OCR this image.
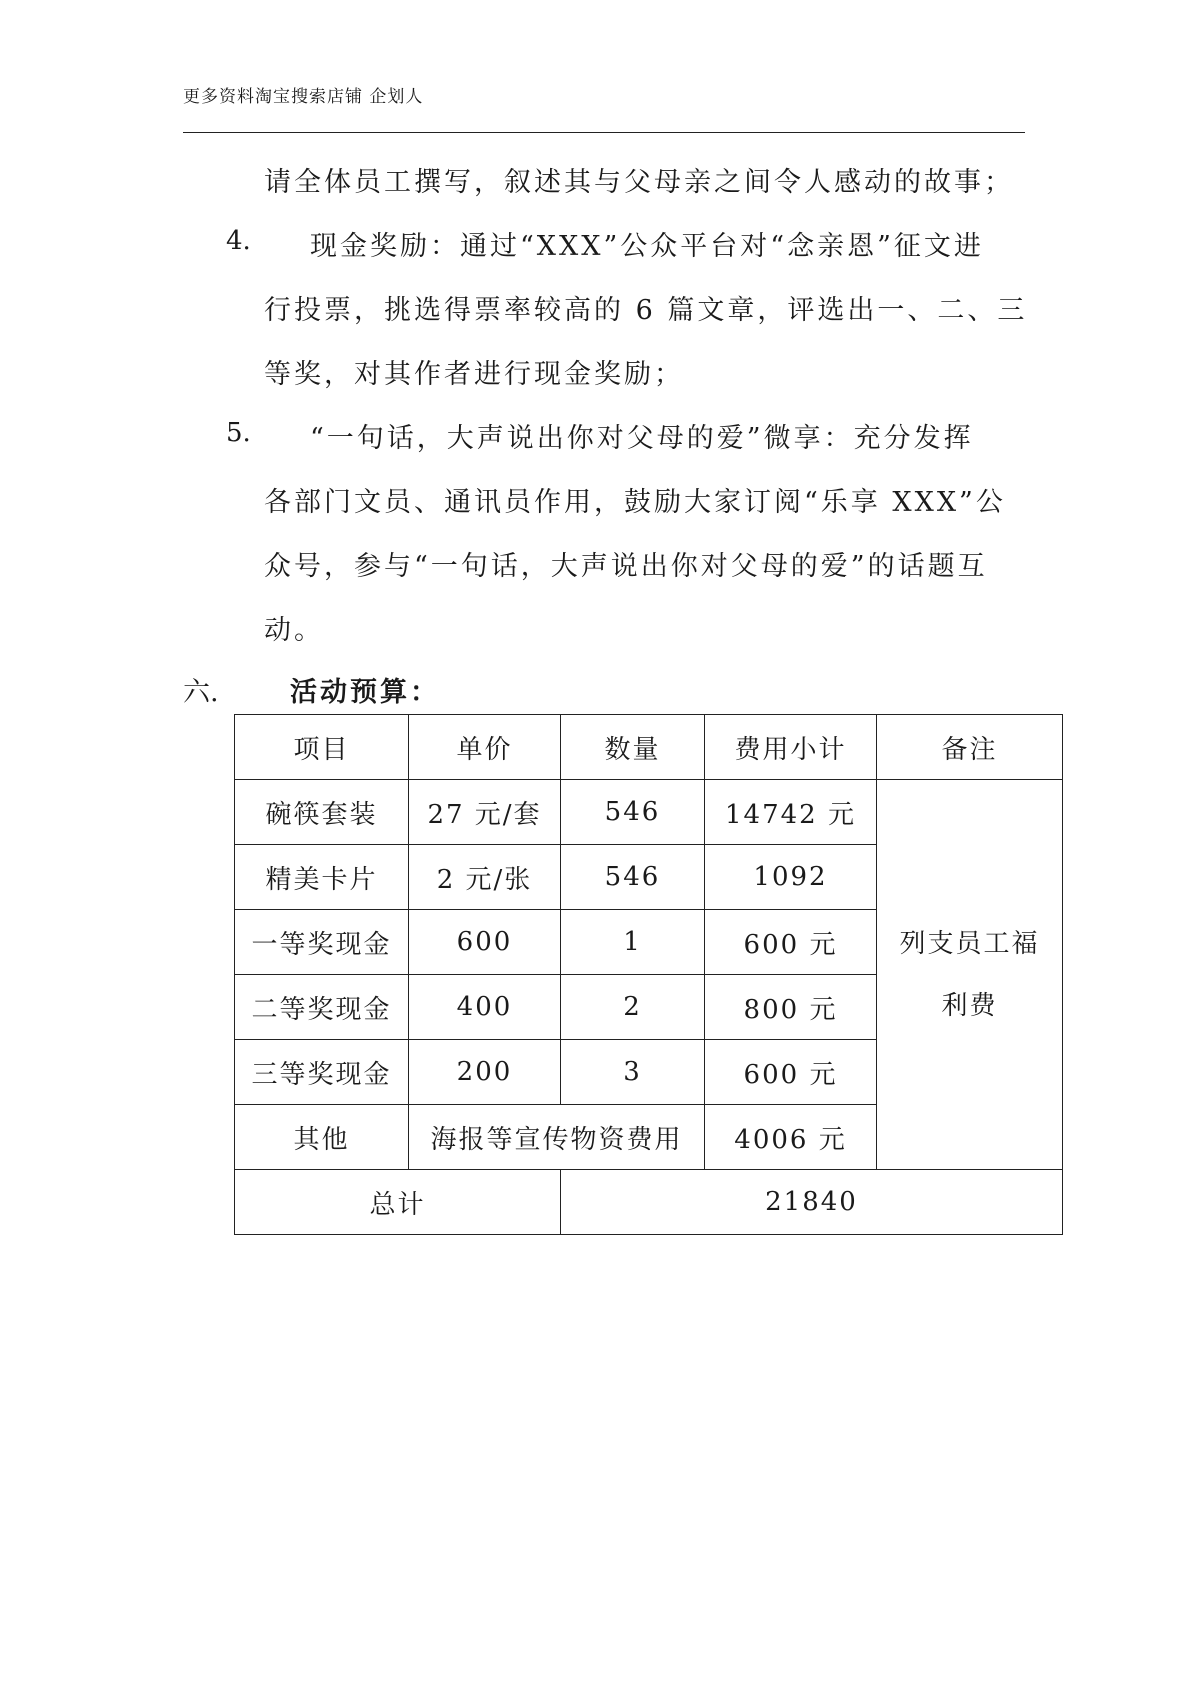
更多资料淘宝搜索店铺 企划人
请全体员工撰写，叙述其与父母亲之间令人感动的故事；
4. 现金奖励：通过“XXX”公众平台对“念亲恩”征文进
行投票，挑选得票率较高的 6 篇文章，评选出一、二、三
等奖，对其作者进行现金奖励；
5. “一句话，大声说出你对父母的爱”微享：充分发挥
各部门文员、通讯员作用，鼓励大家订阅“乐享 XXX”公
众号，参与“一句话，大声说出你对父母的爱”的话题互
动。
六.	活动预算：
项目	单价	数量	费用小计	备注
碗筷套装	27 元/套	546	14742 元	列支员工福
利费

精美卡片	2 元/张	546	1092	
一等奖现金	600	1	600 元	
二等奖现金	400	2	800 元	
三等奖现金	200	3	600 元	
其他	海报等宣传物资费用		4006 元	
总计		21840		
